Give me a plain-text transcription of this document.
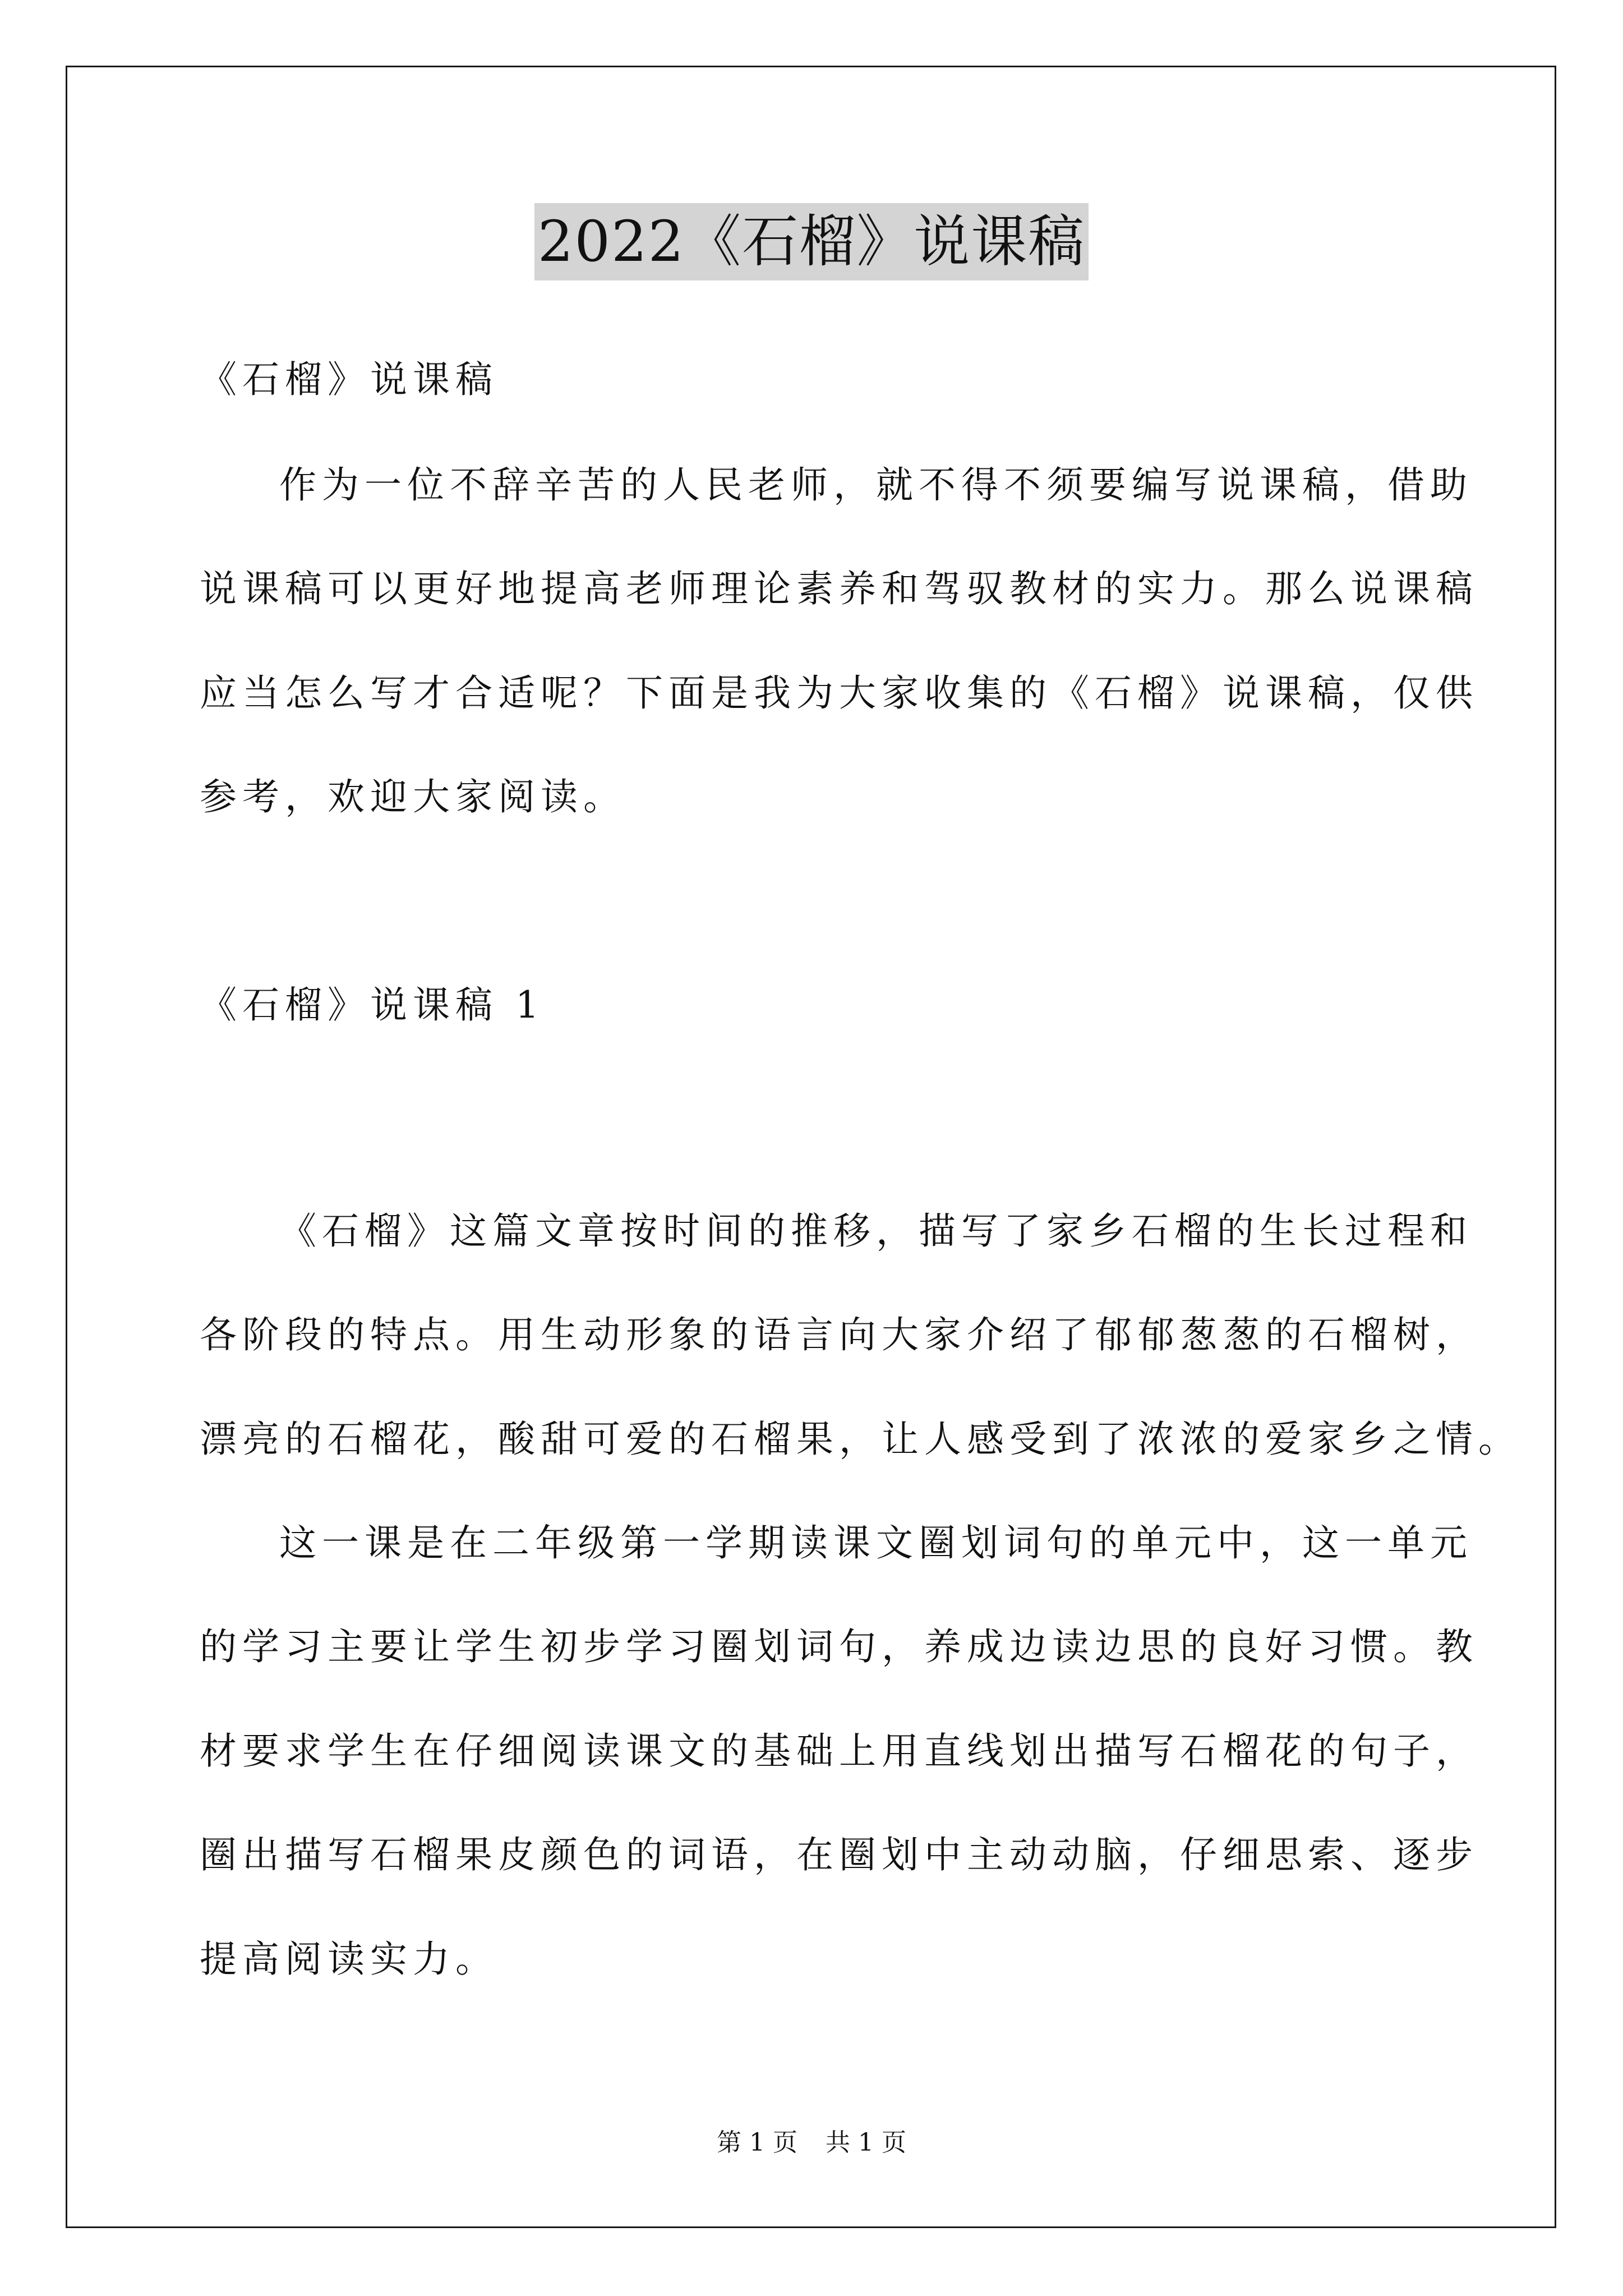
2022《石榴》说课稿
《石榴》说课稿
作为一位不辞辛苦的人民老师，就不得不须要编写说课稿，借助
说课稿可以更好地提高老师理论素养和驾驭教材的实力。那么说课稿
应当怎么写才合适呢？下面是我为大家收集的《石榴》说课稿，仅供
参考，欢迎大家阅读。
《石榴》说课稿 1
《石榴》这篇文章按时间的推移，描写了家乡石榴的生长过程和
各阶段的特点。用生动形象的语言向大家介绍了郁郁葱葱的石榴树，
漂亮的石榴花，酸甜可爱的石榴果，让人感受到了浓浓的爱家乡之情。
这一课是在二年级第一学期读课文圈划词句的单元中，这一单元
的学习主要让学生初步学习圈划词句，养成边读边思的良好习惯。教
材要求学生在仔细阅读课文的基础上用直线划出描写石榴花的句子，
圈出描写石榴果皮颜色的词语，在圈划中主动动脑，仔细思索、逐步
提高阅读实力。
第 1 页 共 1 页
